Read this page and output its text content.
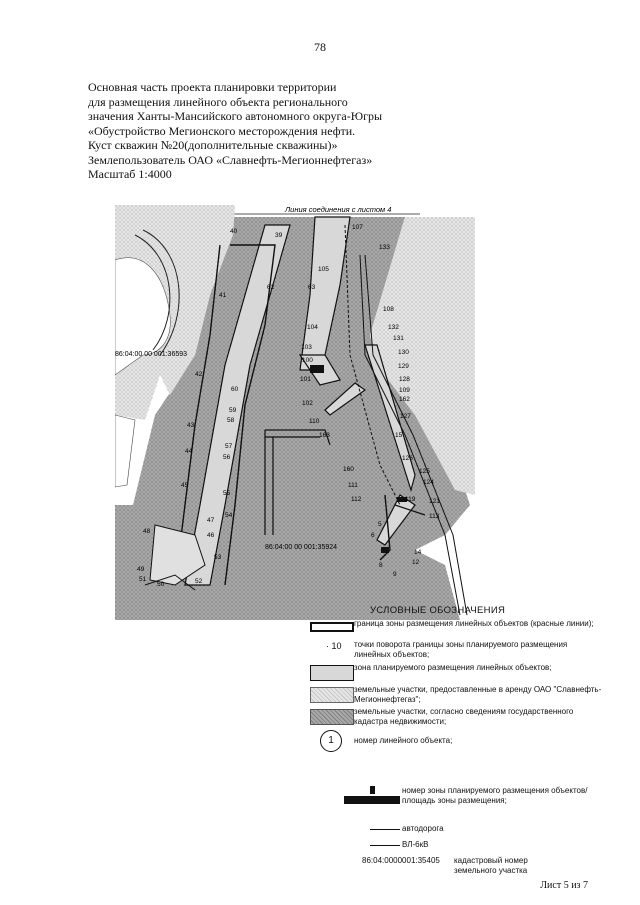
78
Основная часть проекта планировки территории
для размещения линейного объекта регионального
значения Ханты-Мансийского автономного округа-Югры
«Обустройство Мегионского месторождения нефти.
Куст скважин №20(дополнительные скважины)»
Землепользователь ОАО «Славнефть-Мегионнефтегаз»
Масштаб 1:4000
Линия соединения с листом 4
86:04:00 00 001:36593
86:04:00 00 001:35924
40
39
107
133
105
41
62	63
108
132
131
104
130
103
100
129
42
101	128
60	109
162
59
102
58
127
110
163
43
57
15
56	126
44
125
160
124
45	111
55
112	119 121
54	113
5
47
6
46
48
53
14
12
49
8
9
51	52
50
УСЛОВНЫЕ ОБОЗНАЧЕНИЯ
граница зоны размещения линейных объектов (красные линии);
· 10 точки поворота границы зоны планируемого размещения линейных объектов;
зона планируемого размещения линейных объектов;
земельные участки, предоставленные в аренду ОАО "Славнефть-Мегионнефтегаз";
земельные участки, согласно сведениям государственного кадастра недвижимости;
1	номер линейного объекта;
номер зоны планируемого размещения объектов/площадь зоны размещения;
автодорога
ВЛ-6кВ
86:04:0000001:35405 кадастровый номер земельного участка
Лист 5 из 7
